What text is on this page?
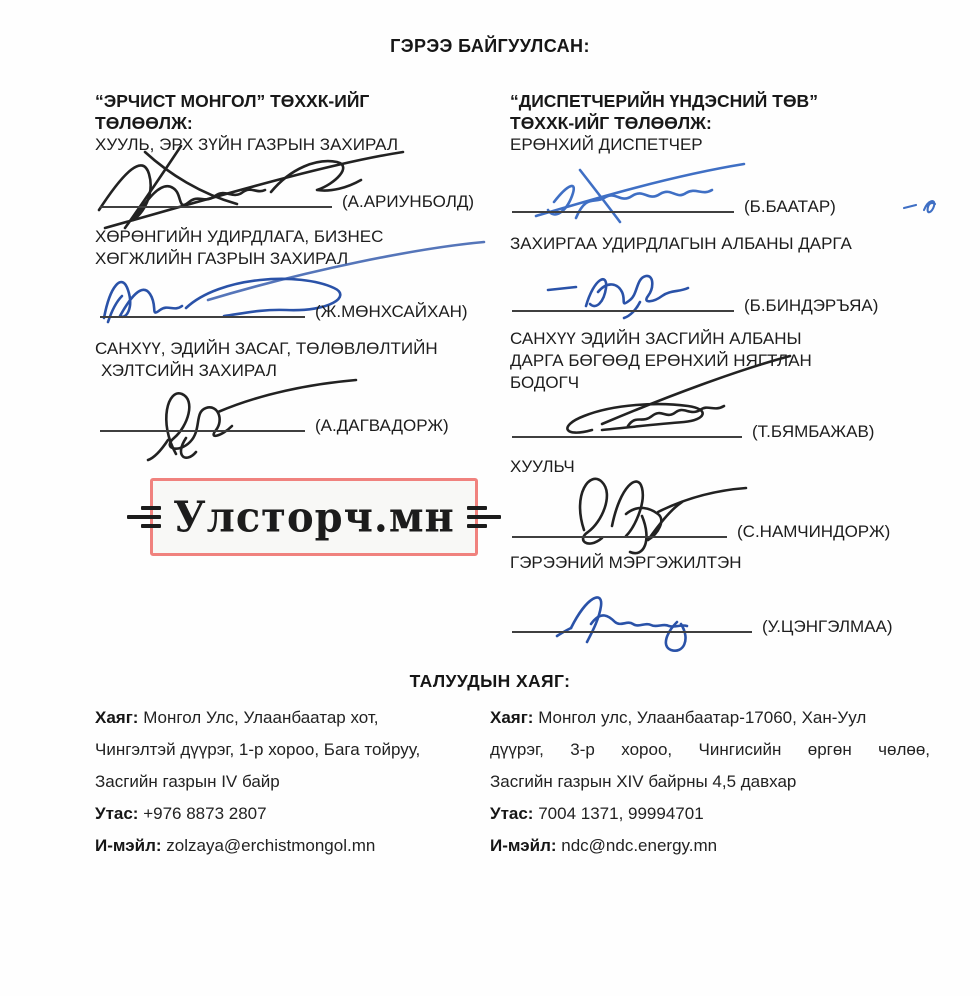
ГЭРЭЭ БАЙГУУЛСАН:
“ЭРЧИСТ МОНГОЛ” ТӨХХК-ИЙГ
ТӨЛӨӨЛЖ:
ХУУЛЬ, ЭРХ ЗҮЙН ГАЗРЫН ЗАХИРАЛ
(А.АРИУНБОЛД)
ХӨРӨНГИЙН УДИРДЛАГА, БИЗНЕС
ХӨГЖЛИЙН ГАЗРЫН ЗАХИРАЛ
(Ж.МӨНХСАЙХАН)
САНХҮҮ, ЭДИЙН ЗАСАГ, ТӨЛӨВЛӨЛТИЙН
ХЭЛТСИЙН ЗАХИРАЛ
(А.ДАГВАДОРЖ)
Улсторч.мн
“ДИСПЕТЧЕРИЙН ҮНДЭСНИЙ ТӨВ”
ТӨХХК-ИЙГ ТӨЛӨӨЛЖ:
ЕРӨНХИЙ ДИСПЕТЧЕР
(Б.БААТАР)
ЗАХИРГАА УДИРДЛАГЫН АЛБАНЫ ДАРГА
(Б.БИНДЭРЪЯА)
САНХҮҮ ЭДИЙН ЗАСГИЙН АЛБАНЫ
ДАРГА БӨГӨӨД ЕРӨНХИЙ НЯГТЛАН
БОДОГЧ
(Т.БЯМБАЖАВ)
ХУУЛЬЧ
(С.НАМЧИНДОРЖ)
ГЭРЭЭНИЙ МЭРГЭЖИЛТЭН
(У.ЦЭНГЭЛМАА)
ТАЛУУДЫН ХАЯГ:
Хаяг: Монгол Улс, Улаанбаатар хот,
Чингэлтэй дүүрэг, 1-р хороо, Бага тойруу,
Засгийн газрын IV байр
Утас: +976 8873 2807
И-мэйл: zolzaya@erchistmongol.mn
Хаяг: Монгол улс, Улаанбаатар-17060, Хан-Уул
дүүрэг, 3-р хороо, Чингисийн өргөн чөлөө,
Засгийн газрын XIV байрны 4,5 давхар
Утас: 7004 1371, 99994701
И-мэйл: ndc@ndc.energy.mn
